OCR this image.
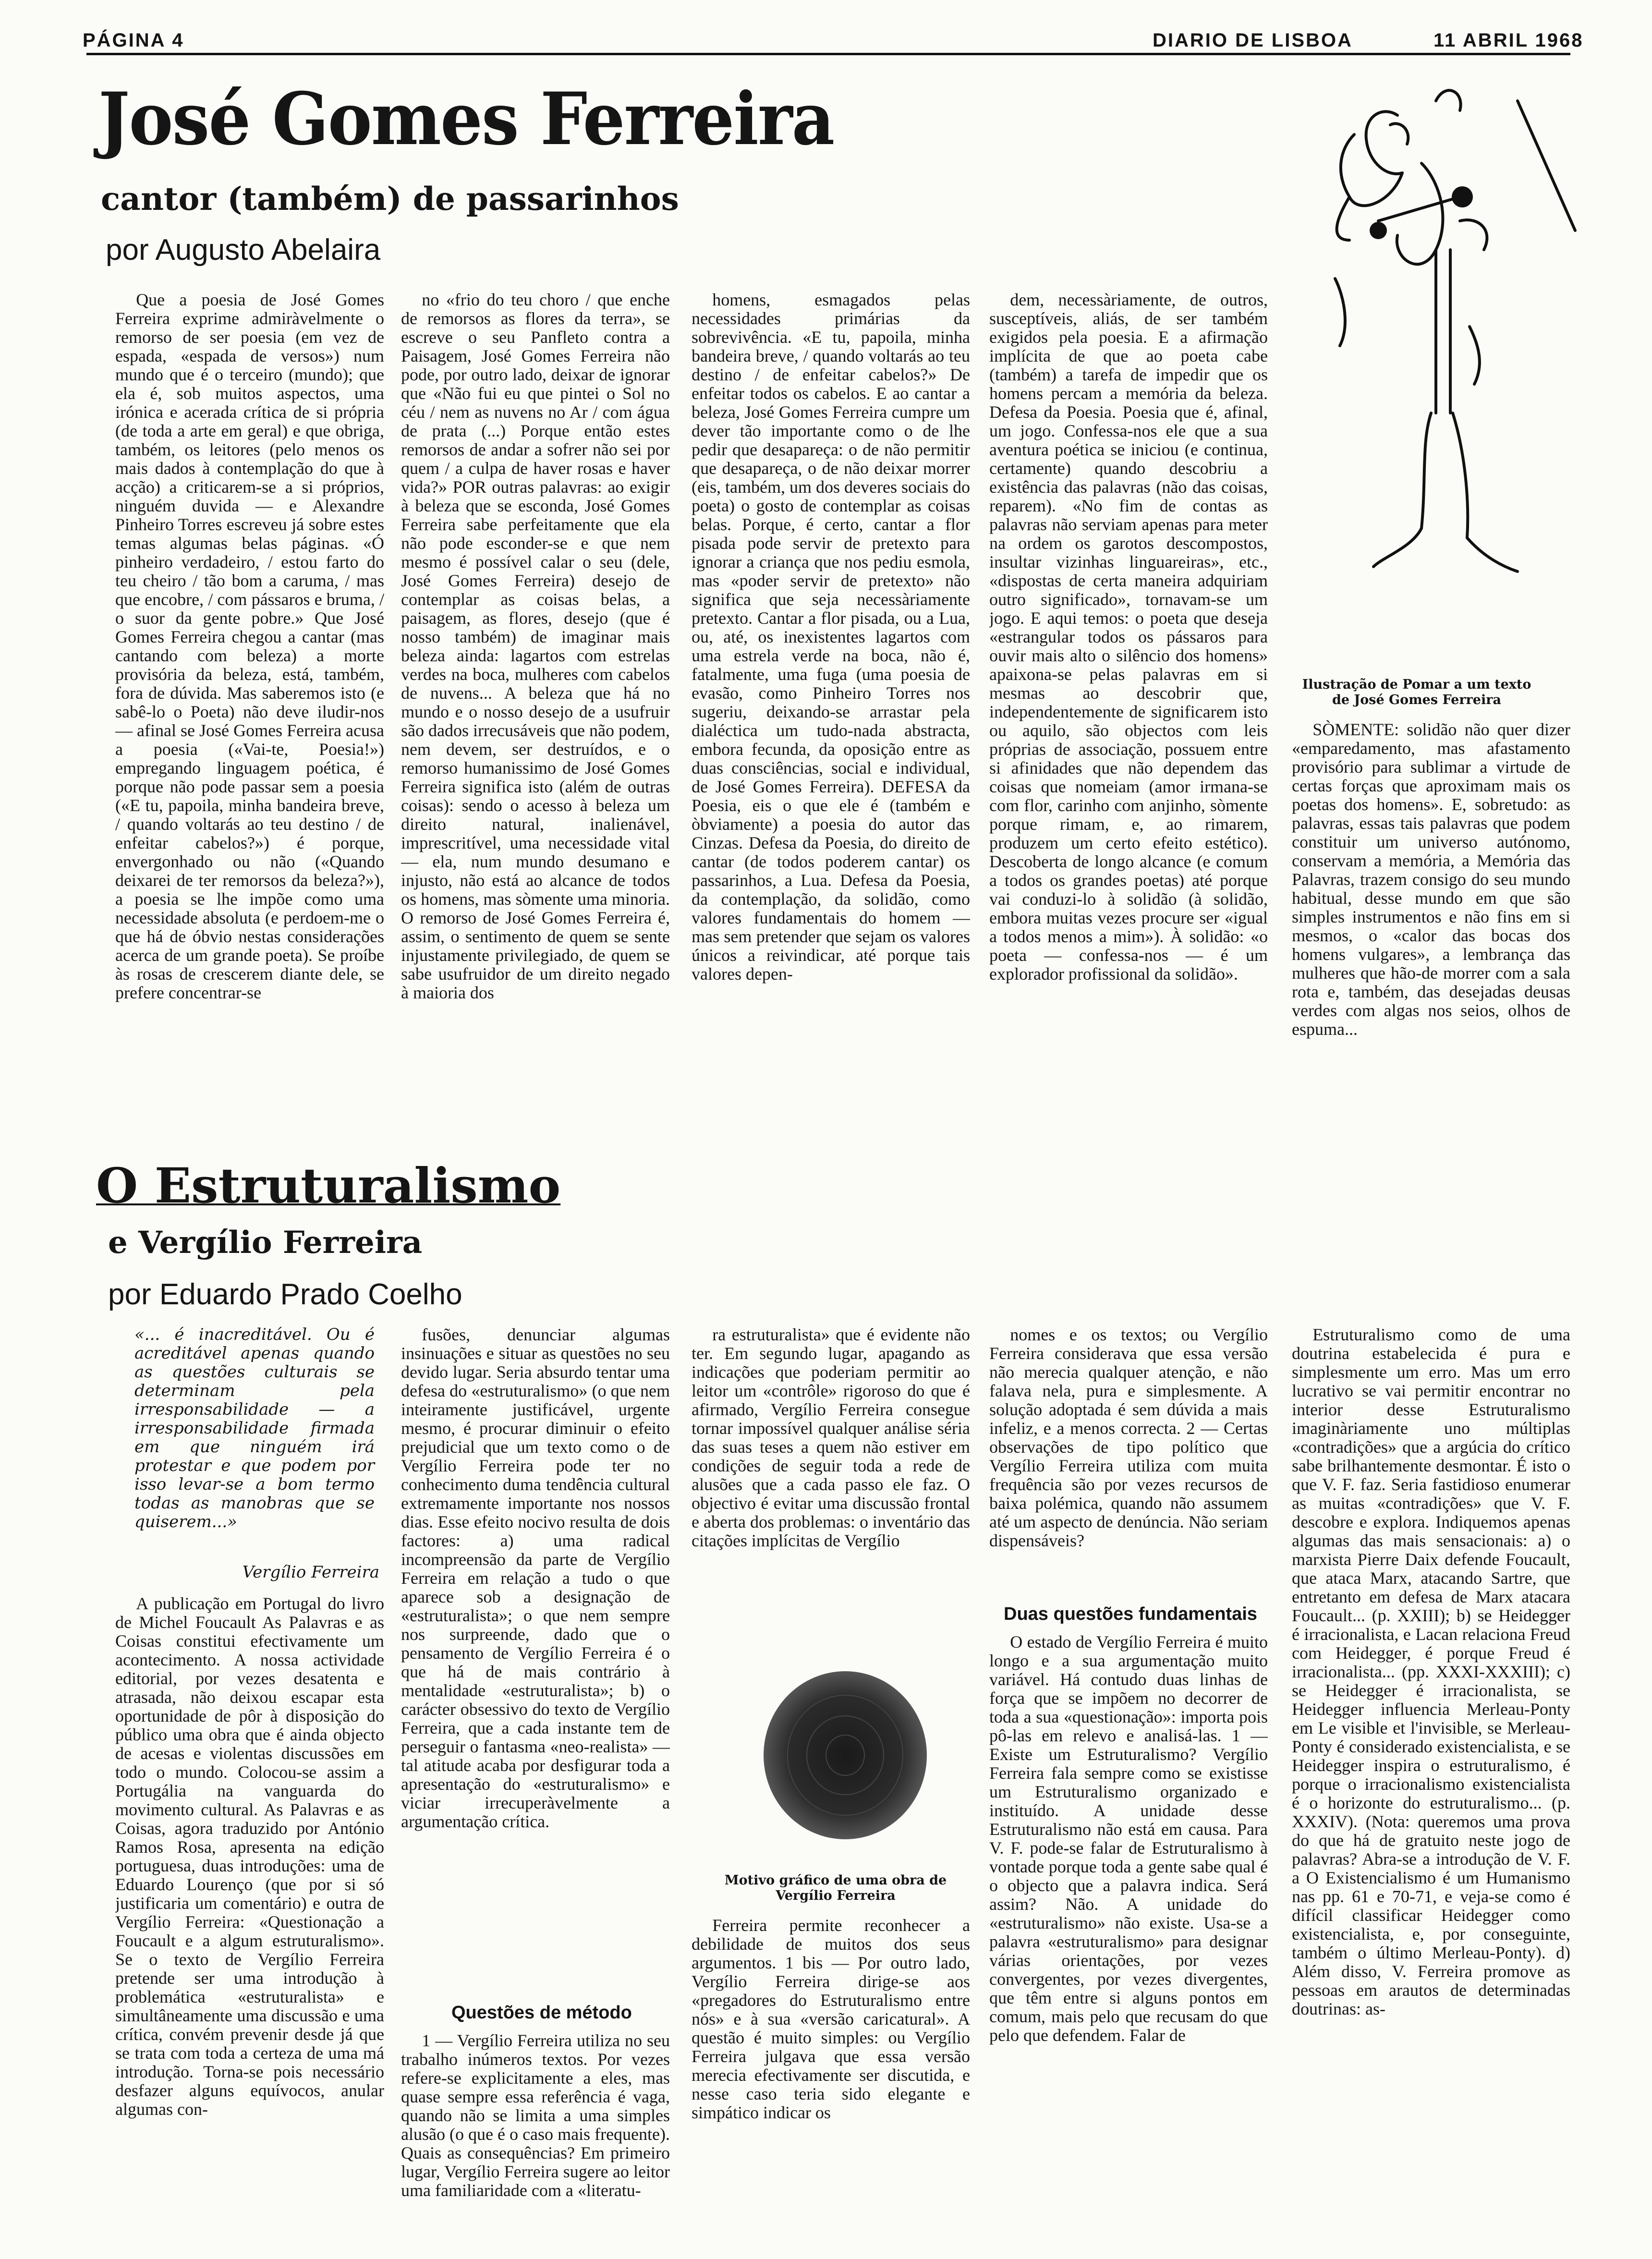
PÁGINA 4	DIARIO DE LISBOA	11 ABRIL 1968
José Gomes Ferreira
cantor (também) de passarinhos
por Augusto Abelaira

Que a poesia de José Gomes Ferreira exprime admiràvelmente o remorso de ser poesia (em vez de espada, «espada de versos») num mundo que é o terceiro (mundo); que ela é, sob muitos aspectos, uma irónica e acerada crítica de si própria (de toda a arte em geral) e que obriga, também, os leitores (pelo menos os mais dados à contemplação do que à acção) a criticarem-se a si próprios, ninguém duvida — e Alexandre Pinheiro Torres escreveu já sobre estes temas algumas belas páginas. «Ó pinheiro verdadeiro, / estou farto do teu cheiro / tão bom a caruma, / mas que encobre, / com pássaros e bruma, / o suor da gente pobre.» Que José Gomes Ferreira chegou a cantar (mas cantando com beleza) a morte provisória da beleza, está, também, fora de dúvida. Mas saberemos isto (e sabê-lo o Poeta) não deve iludir-nos — afinal se José Gomes Ferreira acusa a poesia («Vai-te, Poesia!») empregando linguagem poética, é porque não pode passar sem a poesia («E tu, papoila, minha bandeira breve, / quando voltarás ao teu destino / de enfeitar cabelos?») é porque, envergonhado ou não («Quando deixarei de ter remorsos da beleza?»), a poesia se lhe impõe como uma necessidade absoluta (e perdoem-me o que há de óbvio nestas considerações acerca de um grande poeta). Se proíbe às rosas de crescerem diante dele, se prefere concentrar-se

no «frio do teu choro / que enche de remorsos as flores da terra», se escreve o seu Panfleto contra a Paisagem, José Gomes Ferreira não pode, por outro lado, deixar de ignorar que «Não fui eu que pintei o Sol no céu / nem as nuvens no Ar / com água de prata (...) Porque então estes remorsos de andar a sofrer não sei por quem / a culpa de haver rosas e haver vida?» POR outras palavras: ao exigir à beleza que se esconda, José Gomes Ferreira sabe perfeitamente que ela não pode esconder-se e que nem mesmo é possível calar o seu (dele, José Gomes Ferreira) desejo de contemplar as coisas belas, a paisagem, as flores, desejo (que é nosso também) de imaginar mais beleza ainda: lagartos com estrelas verdes na boca, mulheres com cabelos de nuvens... A beleza que há no mundo e o nosso desejo de a usufruir são dados irrecusáveis que não podem, nem devem, ser destruídos, e o remorso humanissimo de José Gomes Ferreira significa isto (além de outras coisas): sendo o acesso à beleza um direito natural, inalienável, imprescritível, uma necessidade vital — ela, num mundo desumano e injusto, não está ao alcance de todos os homens, mas sòmente uma minoria. O remorso de José Gomes Ferreira é, assim, o sentimento de quem se sente injustamente privilegiado, de quem se sabe usufruidor de um direito negado à maioria dos

homens, esmagados pelas necessidades primárias da sobrevivência. «E tu, papoila, minha bandeira breve, / quando voltarás ao teu destino / de enfeitar cabelos?» De enfeitar todos os cabelos. E ao cantar a beleza, José Gomes Ferreira cumpre um dever tão importante como o de lhe pedir que desapareça: o de não permitir que desapareça, o de não deixar morrer (eis, também, um dos deveres sociais do poeta) o gosto de contemplar as coisas belas. Porque, é certo, cantar a flor pisada pode servir de pretexto para ignorar a criança que nos pediu esmola, mas «poder servir de pretexto» não significa que seja necessàriamente pretexto. Cantar a flor pisada, ou a Lua, ou, até, os inexistentes lagartos com uma estrela verde na boca, não é, fatalmente, uma fuga (uma poesia de evasão, como Pinheiro Torres nos sugeriu, deixando-se arrastar pela dialéctica um tudo-nada abstracta, embora fecunda, da oposição entre as duas consciências, social e individual, de José Gomes Ferreira). DEFESA da Poesia, eis o que ele é (também e òbviamente) a poesia do autor das Cinzas. Defesa da Poesia, do direito de cantar (de todos poderem cantar) os passarinhos, a Lua. Defesa da Poesia, da contemplação, da solidão, como valores fundamentais do homem — mas sem pretender que sejam os valores únicos a reivindicar, até porque tais valores depen-

dem, necessàriamente, de outros, susceptíveis, aliás, de ser também exigidos pela poesia. E a afirmação implícita de que ao poeta cabe (também) a tarefa de impedir que os homens percam a memória da beleza. Defesa da Poesia. Poesia que é, afinal, um jogo. Confessa-nos ele que a sua aventura poética se iniciou (e continua, certamente) quando descobriu a existência das palavras (não das coisas, reparem). «No fim de contas as palavras não serviam apenas para meter na ordem os garotos descompostos, insultar vizinhas linguareiras», etc., «dispostas de certa maneira adquiriam outro significado», tornavam-se um jogo. E aqui temos: o poeta que deseja «estrangular todos os pássaros para ouvir mais alto o silêncio dos homens» apaixona-se pelas palavras em si mesmas ao descobrir que, independentemente de significarem isto ou aquilo, são objectos com leis próprias de associação, possuem entre si afinidades que não dependem das coisas que nomeiam (amor irmana-se com flor, carinho com anjinho, sòmente porque rimam, e, ao rimarem, produzem um certo efeito estético). Descoberta de longo alcance (e comum a todos os grandes poetas) até porque vai conduzi-lo à solidão (à solidão, embora muitas vezes procure ser «igual a todos menos a mim»). À solidão: «o poeta — confessa-nos — é um explorador profissional da solidão».

Ilustração de Pomar a um texto de José Gomes Ferreira

SÒMENTE: solidão não quer dizer «emparedamento, mas afastamento provisório para sublimar a virtude de certas forças que aproximam mais os poetas dos homens». E, sobretudo: as palavras, essas tais palavras que podem constituir um universo autónomo, conservam a memória, a Memória das Palavras, trazem consigo do seu mundo habitual, desse mundo em que são simples instrumentos e não fins em si mesmos, o «calor das bocas dos homens vulgares», a lembrança das mulheres que hão-de morrer com a sala rota e, também, das desejadas deusas verdes com algas nos seios, olhos de espuma...

O Estruturalismo
e Vergílio Ferreira
por Eduardo Prado Coelho
«... é inacreditável. Ou é acreditável apenas quando as questões culturais se determinam pela irresponsabilidade — a irresponsabilidade firmada em que ninguém irá protestar e que podem por isso levar-se a bom termo todas as manobras que se quiserem...»
Vergílio Ferreira

A publicação em Portugal do livro de Michel Foucault As Palavras e as Coisas constitui efectivamente um acontecimento. A nossa actividade editorial, por vezes desatenta e atrasada, não deixou escapar esta oportunidade de pôr à disposição do público uma obra que é ainda objecto de acesas e violentas discussões em todo o mundo. Colocou-se assim a Portugália na vanguarda do movimento cultural. As Palavras e as Coisas, agora traduzido por António Ramos Rosa, apresenta na edição portuguesa, duas introduções: uma de Eduardo Lourenço (que por si só justificaria um comentário) e outra de Vergílio Ferreira: «Questionação a Foucault e a algum estruturalismo». Se o texto de Vergílio Ferreira pretende ser uma introdução à problemática «estruturalista» e simultâneamente uma discussão e uma crítica, convém prevenir desde já que se trata com toda a certeza de uma má introdução. Torna-se pois necessário desfazer alguns equívocos, anular algumas con-

fusões, denunciar algumas insinuações e situar as questões no seu devido lugar. Seria absurdo tentar uma defesa do «estruturalismo» (o que nem inteiramente justificável, urgente mesmo, é procurar diminuir o efeito prejudicial que um texto como o de Vergílio Ferreira pode ter no conhecimento duma tendência cultural extremamente importante nos nossos dias. Esse efeito nocivo resulta de dois factores: a) uma radical incompreensão da parte de Vergílio Ferreira em relação a tudo o que aparece sob a designação de «estruturalista»; o que nem sempre nos surpreende, dado que o pensamento de Vergílio Ferreira é o que há de mais contrário à mentalidade «estruturalista»; b) o carácter obsessivo do texto de Vergílio Ferreira, que a cada instante tem de perseguir o fantasma «neo-realista» — tal atitude acaba por desfigurar toda a apresentação do «estruturalismo» e viciar irrecuperàvelmente a argumentação crítica.

Questões de método

1 — Vergílio Ferreira utiliza no seu trabalho inúmeros textos. Por vezes refere-se explicitamente a eles, mas quase sempre essa referência é vaga, quando não se limita a uma simples alusão (o que é o caso mais frequente). Quais as consequências? Em primeiro lugar, Vergílio Ferreira sugere ao leitor uma familiaridade com a «literatu-

ra estruturalista» que é evidente não ter. Em segundo lugar, apagando as indicações que poderiam permitir ao leitor um «contrôle» rigoroso do que é afirmado, Vergílio Ferreira consegue tornar impossível qualquer análise séria das suas teses a quem não estiver em condições de seguir toda a rede de alusões que a cada passo ele faz. O objectivo é evitar uma discussão frontal e aberta dos problemas: o inventário das citações implícitas de Vergílio

Motivo gráfico de uma obra de Vergílio Ferreira

Ferreira permite reconhecer a debilidade de muitos dos seus argumentos. 1 bis — Por outro lado, Vergílio Ferreira dirige-se aos «pregadores do Estruturalismo entre nós» e à sua «versão caricatural». A questão é muito simples: ou Vergílio Ferreira julgava que essa versão merecia efectivamente ser discutida, e nesse caso teria sido elegante e simpático indicar os

nomes e os textos; ou Vergílio Ferreira considerava que essa versão não merecia qualquer atenção, e não falava nela, pura e simplesmente. A solução adoptada é sem dúvida a mais infeliz, e a menos correcta. 2 — Certas observações de tipo político que Vergílio Ferreira utiliza com muita frequência são por vezes recursos de baixa polémica, quando não assumem até um aspecto de denúncia. Não seriam dispensáveis?

Duas questões fundamentais

O estado de Vergílio Ferreira é muito longo e a sua argumentação muito variável. Há contudo duas linhas de força que se impõem no decorrer de toda a sua «questionação»: importa pois pô-las em relevo e analisá-las. 1 — Existe um Estruturalismo? Vergílio Ferreira fala sempre como se existisse um Estruturalismo organizado e instituído. A unidade desse Estruturalismo não está em causa. Para V. F. pode-se falar de Estruturalismo à vontade porque toda a gente sabe qual é o objecto que a palavra indica. Será assim? Não. A unidade do «estruturalismo» não existe. Usa-se a palavra «estruturalismo» para designar várias orientações, por vezes convergentes, por vezes divergentes, que têm entre si alguns pontos em comum, mais pelo que recusam do que pelo que defendem. Falar de

Estruturalismo como de uma doutrina estabelecida é pura e simplesmente um erro. Mas um erro lucrativo se vai permitir encontrar no interior desse Estruturalismo imaginàriamente uno múltiplas «contradições» que a argúcia do crítico sabe brilhantemente desmontar. É isto o que V. F. faz. Seria fastidioso enumerar as muitas «contradições» que V. F. descobre e explora. Indiquemos apenas algumas das mais sensacionais: a) o marxista Pierre Daix defende Foucault, que ataca Marx, atacando Sartre, que entretanto em defesa de Marx atacara Foucault... (p. XXIII); b) se Heidegger é irracionalista, e Lacan relaciona Freud com Heidegger, é porque Freud é irracionalista... (pp. XXXI-XXXIII); c) se Heidegger é irracionalista, se Heidegger influencia Merleau-Ponty em Le visible et l'invisible, se Merleau-Ponty é considerado existencialista, e se Heidegger inspira o estruturalismo, é porque o irracionalismo existencialista é o horizonte do estruturalismo... (p. XXXIV). (Nota: queremos uma prova do que há de gratuito neste jogo de palavras? Abra-se a introdução de V. F. a O Existencialismo é um Humanismo nas pp. 61 e 70-71, e veja-se como é difícil classificar Heidegger como existencialista, e, por conseguinte, também o último Merleau-Ponty). d) Além disso, V. Ferreira promove as pessoas em arautos de determinadas doutrinas: as-
